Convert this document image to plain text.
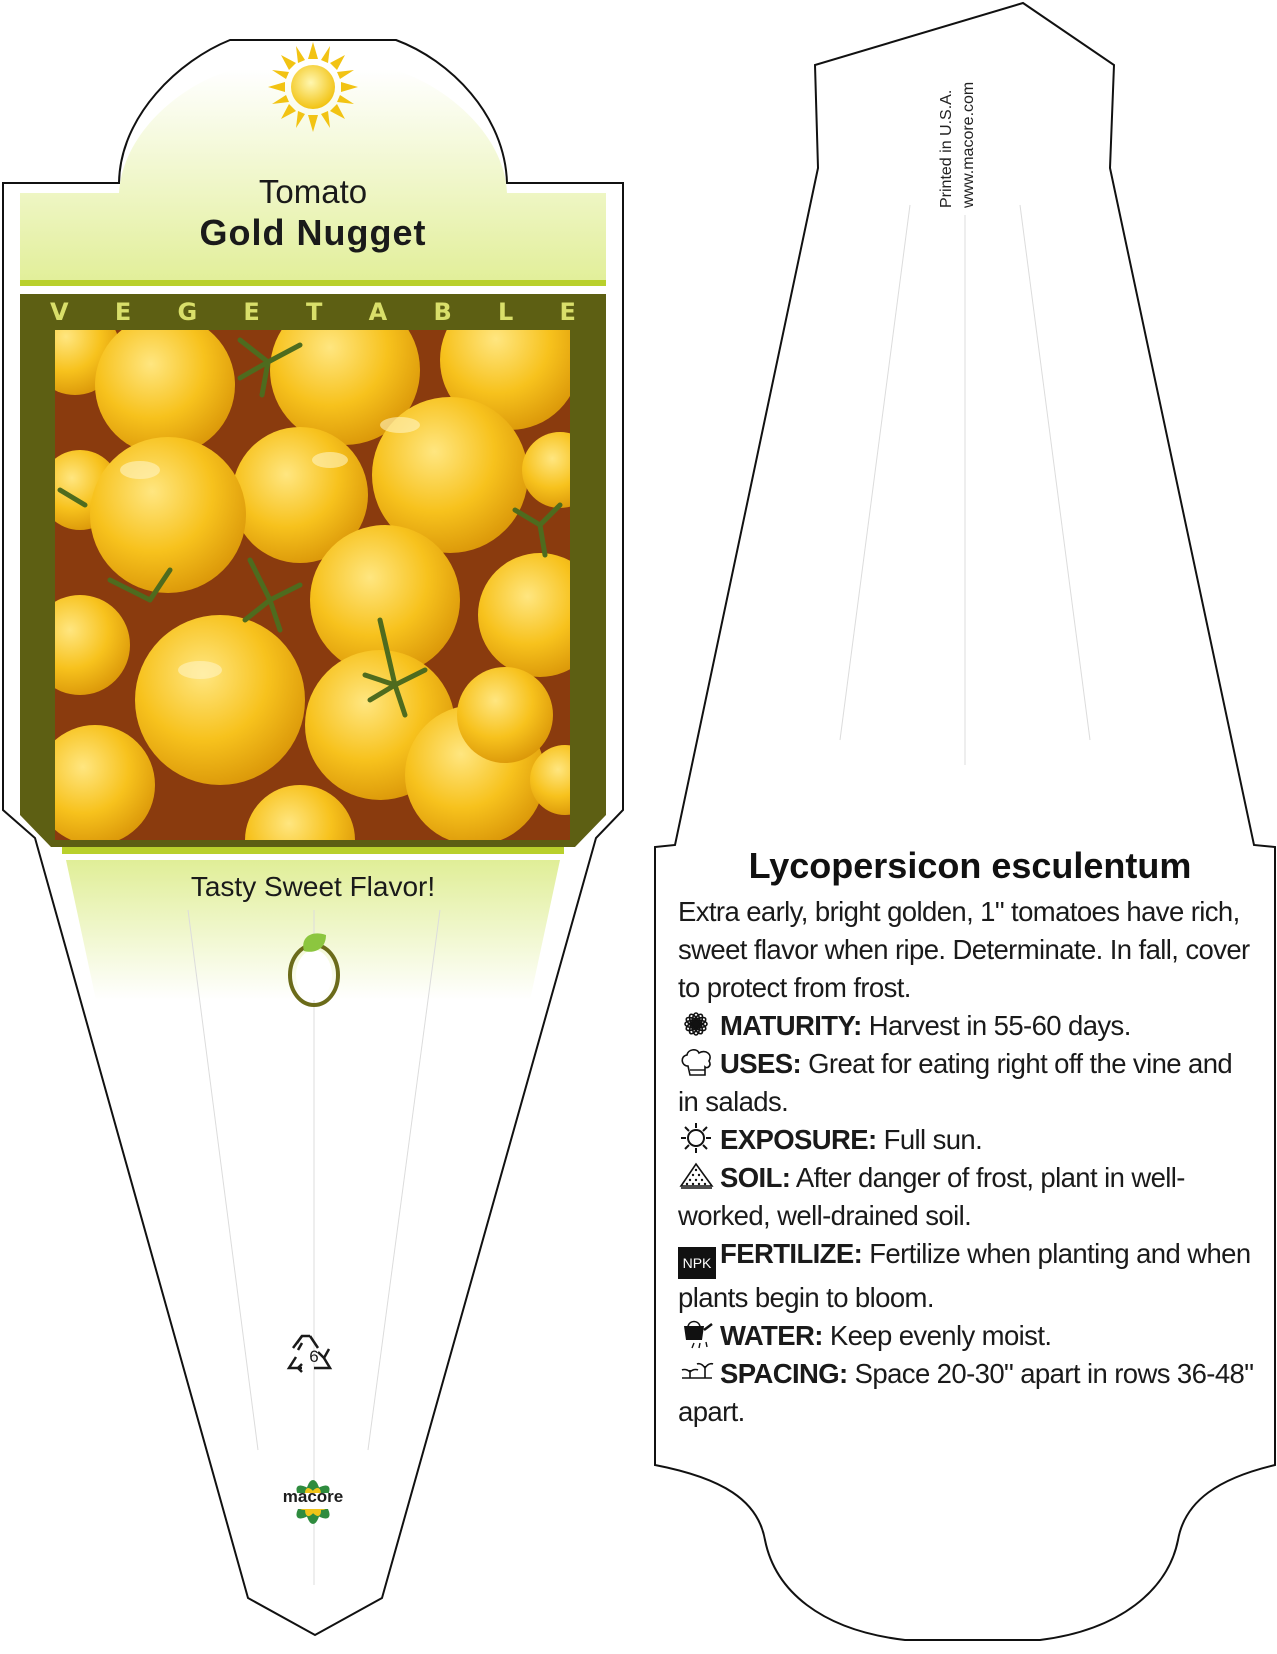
Tomato
Gold Nugget
V E G E T A B L E
Tasty Sweet Flavor!
6
macore
Printed in U.S.A. www.macore.com
Lycopersicon esculentum

Extra early, bright golden, 1" tomatoes have rich, sweet flavor when ripe. Determinate. In fall, cover to protect from frost.

MATURITY: Harvest in 55-60 days.

USES: Great for eating right off the vine and in salads.

EXPOSURE: Full sun.

SOIL: After danger of frost, plant in well-worked, well-drained soil.

NPK FERTILIZE: Fertilize when planting and when plants begin to bloom.

WATER: Keep evenly moist.

SPACING: Space 20-30" apart in rows 36-48" apart.
